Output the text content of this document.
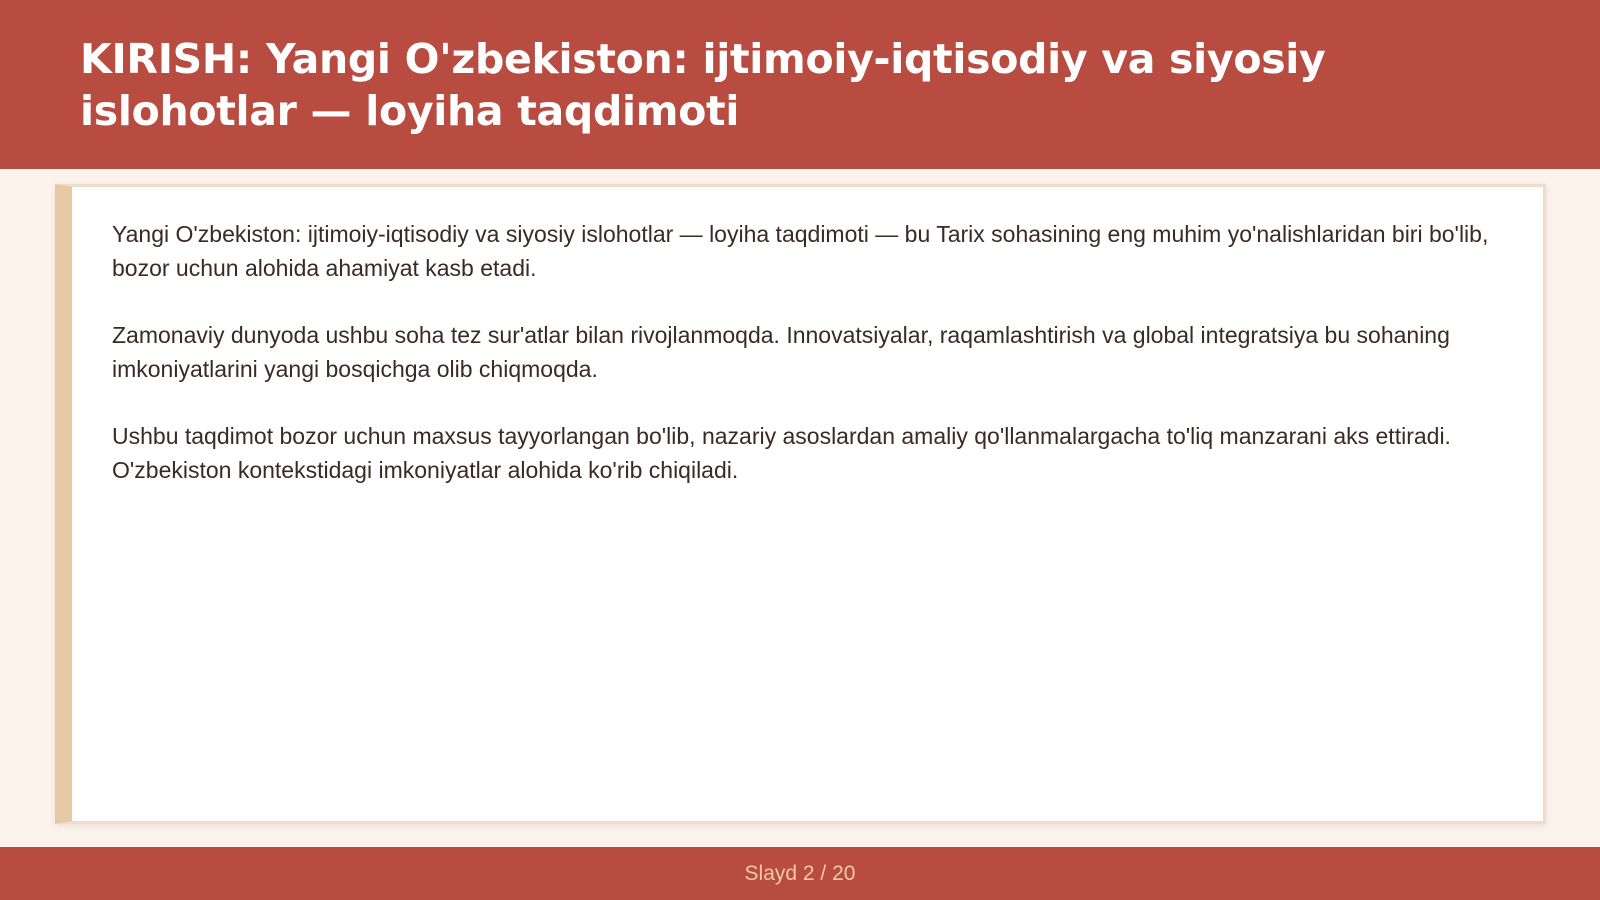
KIRISH: Yangi O'zbekiston: ijtimoiy-iqtisodiy va siyosiy islohotlar — loyiha taqdimoti

Yangi O'zbekiston: ijtimoiy-iqtisodiy va siyosiy islohotlar — loyiha taqdimoti — bu Tarix sohasining eng muhim yo'nalishlaridan biri bo'lib, bozor uchun alohida ahamiyat kasb etadi.

Zamonaviy dunyoda ushbu soha tez sur'atlar bilan rivojlanmoqda. Innovatsiyalar, raqamlashtirish va global integratsiya bu sohaning imkoniyatlarini yangi bosqichga olib chiqmoqda.

Ushbu taqdimot bozor uchun maxsus tayyorlangan bo'lib, nazariy asoslardan amaliy qo'llanmalargacha to'liq manzarani aks ettiradi. O'zbekiston kontekstidagi imkoniyatlar alohida ko'rib chiqiladi.

Slayd 2 / 20
